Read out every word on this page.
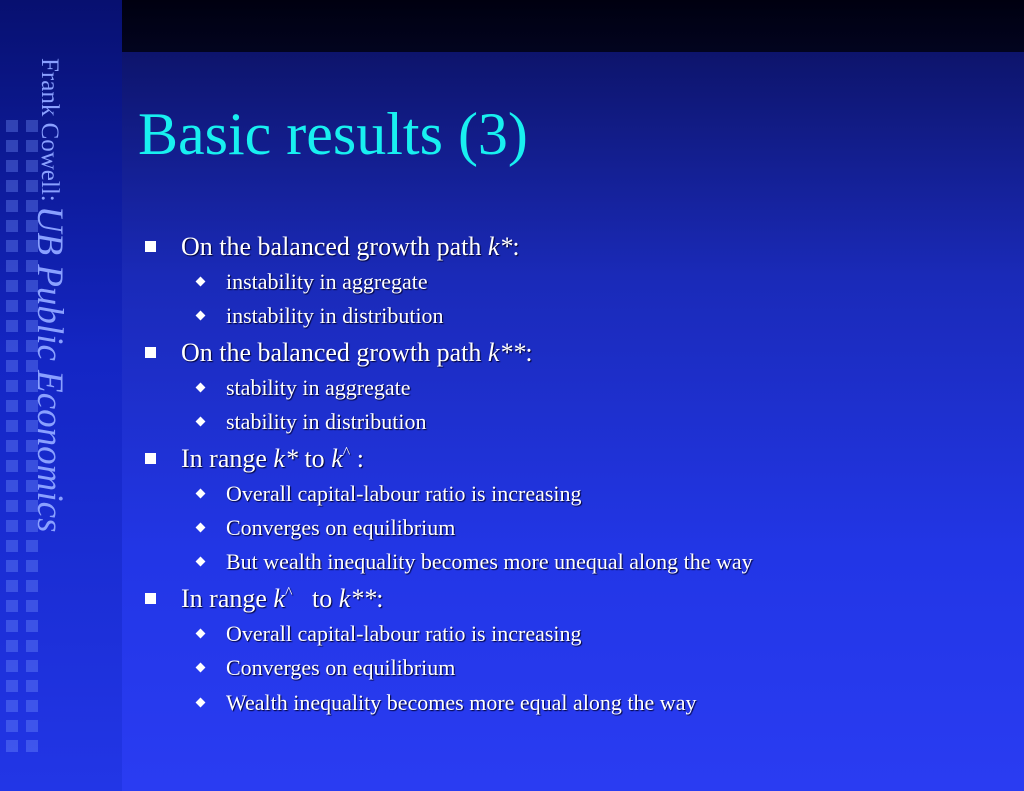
Frank Cowell: UB Public Economics
Basic results (3)
On the balanced growth path k*:
instability in aggregate
instability in distribution
On the balanced growth path k**:
stability in aggregate
stability in distribution
In range k* to k^ :
Overall capital-labour ratio is increasing
Converges on equilibrium
But wealth inequality becomes more unequal along the way
In range k^   to k**:
Overall capital-labour ratio is increasing
Converges on equilibrium
Wealth inequality becomes more equal along the way
